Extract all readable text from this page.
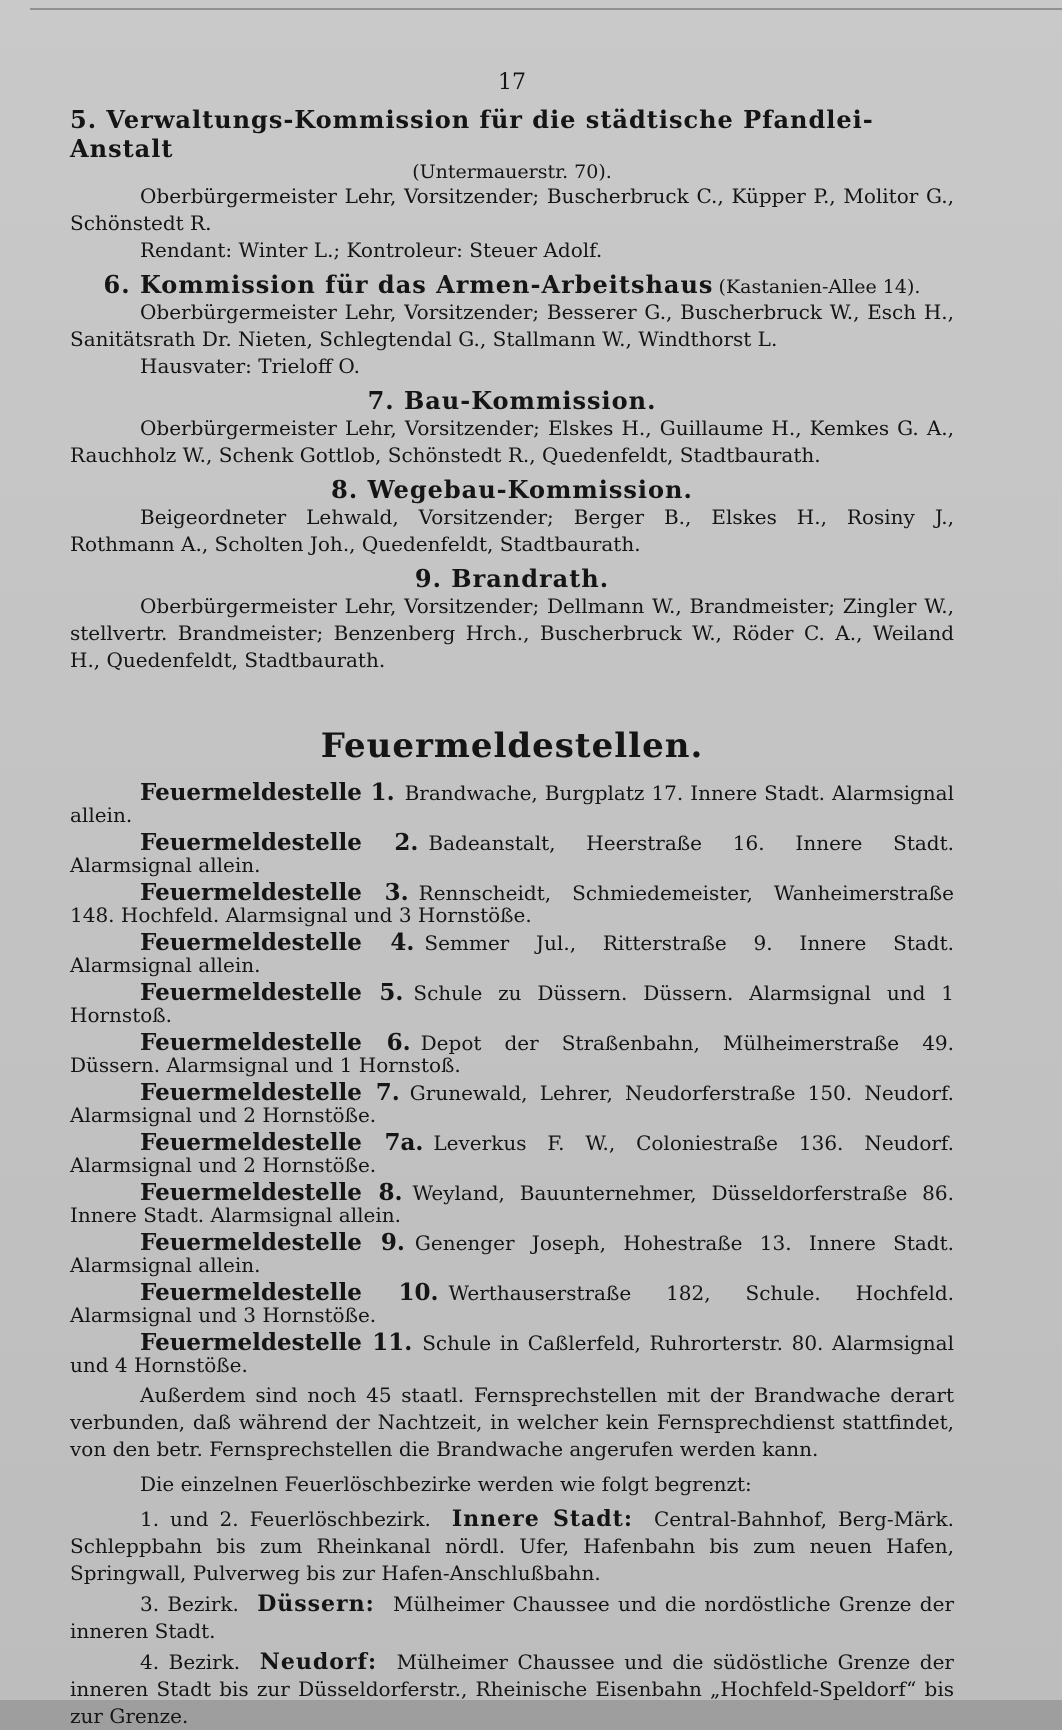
17
5. Verwaltungs-Kommission für die städtische Pfandlei-Anstalt
(Untermauerstr. 70).

Oberbürgermeister Lehr, Vorsitzender; Buscherbruck C., Küpper P., Molitor G., Schönstedt R.

Rendant: Winter L.; Kontroleur: Steuer Adolf.

6. Kommission für das Armen-Arbeitshaus (Kastanien-Allee 14).

Oberbürgermeister Lehr, Vorsitzender; Besserer G., Buscherbruck W., Esch H., Sanitätsrath Dr. Nieten, Schlegtendal G., Stallmann W., Windthorst L.

Hausvater: Trieloff O.

7. Bau-Kommission.

Oberbürgermeister Lehr, Vorsitzender; Elskes H., Guillaume H., Kemkes G. A., Rauchholz W., Schenk Gottlob, Schönstedt R., Quedenfeldt, Stadtbaurath.

8. Wegebau-Kommission.

Beigeordneter Lehwald, Vorsitzender; Berger B., Elskes H., Rosiny J., Rothmann A., Scholten Joh., Quedenfeldt, Stadtbaurath.

9. Brandrath.

Oberbürgermeister Lehr, Vorsitzender; Dellmann W., Brandmeister; Zingler W., stellvertr. Brandmeister; Benzenberg Hrch., Buscherbruck W., Röder C. A., Weiland H., Quedenfeldt, Stadtbaurath.

Feuermeldestellen.

Feuermeldestelle 1. Brandwache, Burgplatz 17. Innere Stadt. Alarmsignal allein.

Feuermeldestelle 2. Badeanstalt, Heerstraße 16. Innere Stadt. Alarmsignal allein.

Feuermeldestelle 3. Rennscheidt, Schmiedemeister, Wanheimerstraße 148. Hochfeld. Alarmsignal und 3 Hornstöße.

Feuermeldestelle 4. Semmer Jul., Ritterstraße 9. Innere Stadt. Alarmsignal allein.

Feuermeldestelle 5. Schule zu Düssern. Düssern. Alarmsignal und 1 Hornstoß.

Feuermeldestelle 6. Depot der Straßenbahn, Mülheimerstraße 49. Düssern. Alarmsignal und 1 Hornstoß.

Feuermeldestelle 7. Grunewald, Lehrer, Neudorferstraße 150. Neudorf. Alarmsignal und 2 Hornstöße.

Feuermeldestelle 7a. Leverkus F. W., Coloniestraße 136. Neudorf. Alarmsignal und 2 Hornstöße.

Feuermeldestelle 8. Weyland, Bauunternehmer, Düsseldorferstraße 86. Innere Stadt. Alarmsignal allein.

Feuermeldestelle 9. Genenger Joseph, Hohestraße 13. Innere Stadt. Alarmsignal allein.

Feuermeldestelle 10. Werthauserstraße 182, Schule. Hochfeld. Alarmsignal und 3 Hornstöße.

Feuermeldestelle 11. Schule in Caßlerfeld, Ruhrorterstr. 80. Alarmsignal und 4 Hornstöße.

Außerdem sind noch 45 staatl. Fernsprechstellen mit der Brandwache derart verbunden, daß während der Nachtzeit, in welcher kein Fernsprechdienst stattfindet, von den betr. Fernsprechstellen die Brandwache angerufen werden kann.

Die einzelnen Feuerlöschbezirke werden wie folgt begrenzt:

1. und 2. Feuerlöschbezirk. Innere Stadt: Central-Bahnhof, Berg-Märk. Schleppbahn bis zum Rheinkanal nördl. Ufer, Hafenbahn bis zum neuen Hafen, Springwall, Pulverweg bis zur Hafen-Anschlußbahn.

3. Bezirk. Düssern: Mülheimer Chaussee und die nordöstliche Grenze der inneren Stadt.

4. Bezirk. Neudorf: Mülheimer Chaussee und die südöstliche Grenze der inneren Stadt bis zur Düsseldorferstr., Rheinische Eisenbahn „Hochfeld-Speldorf“ bis zur Grenze.
